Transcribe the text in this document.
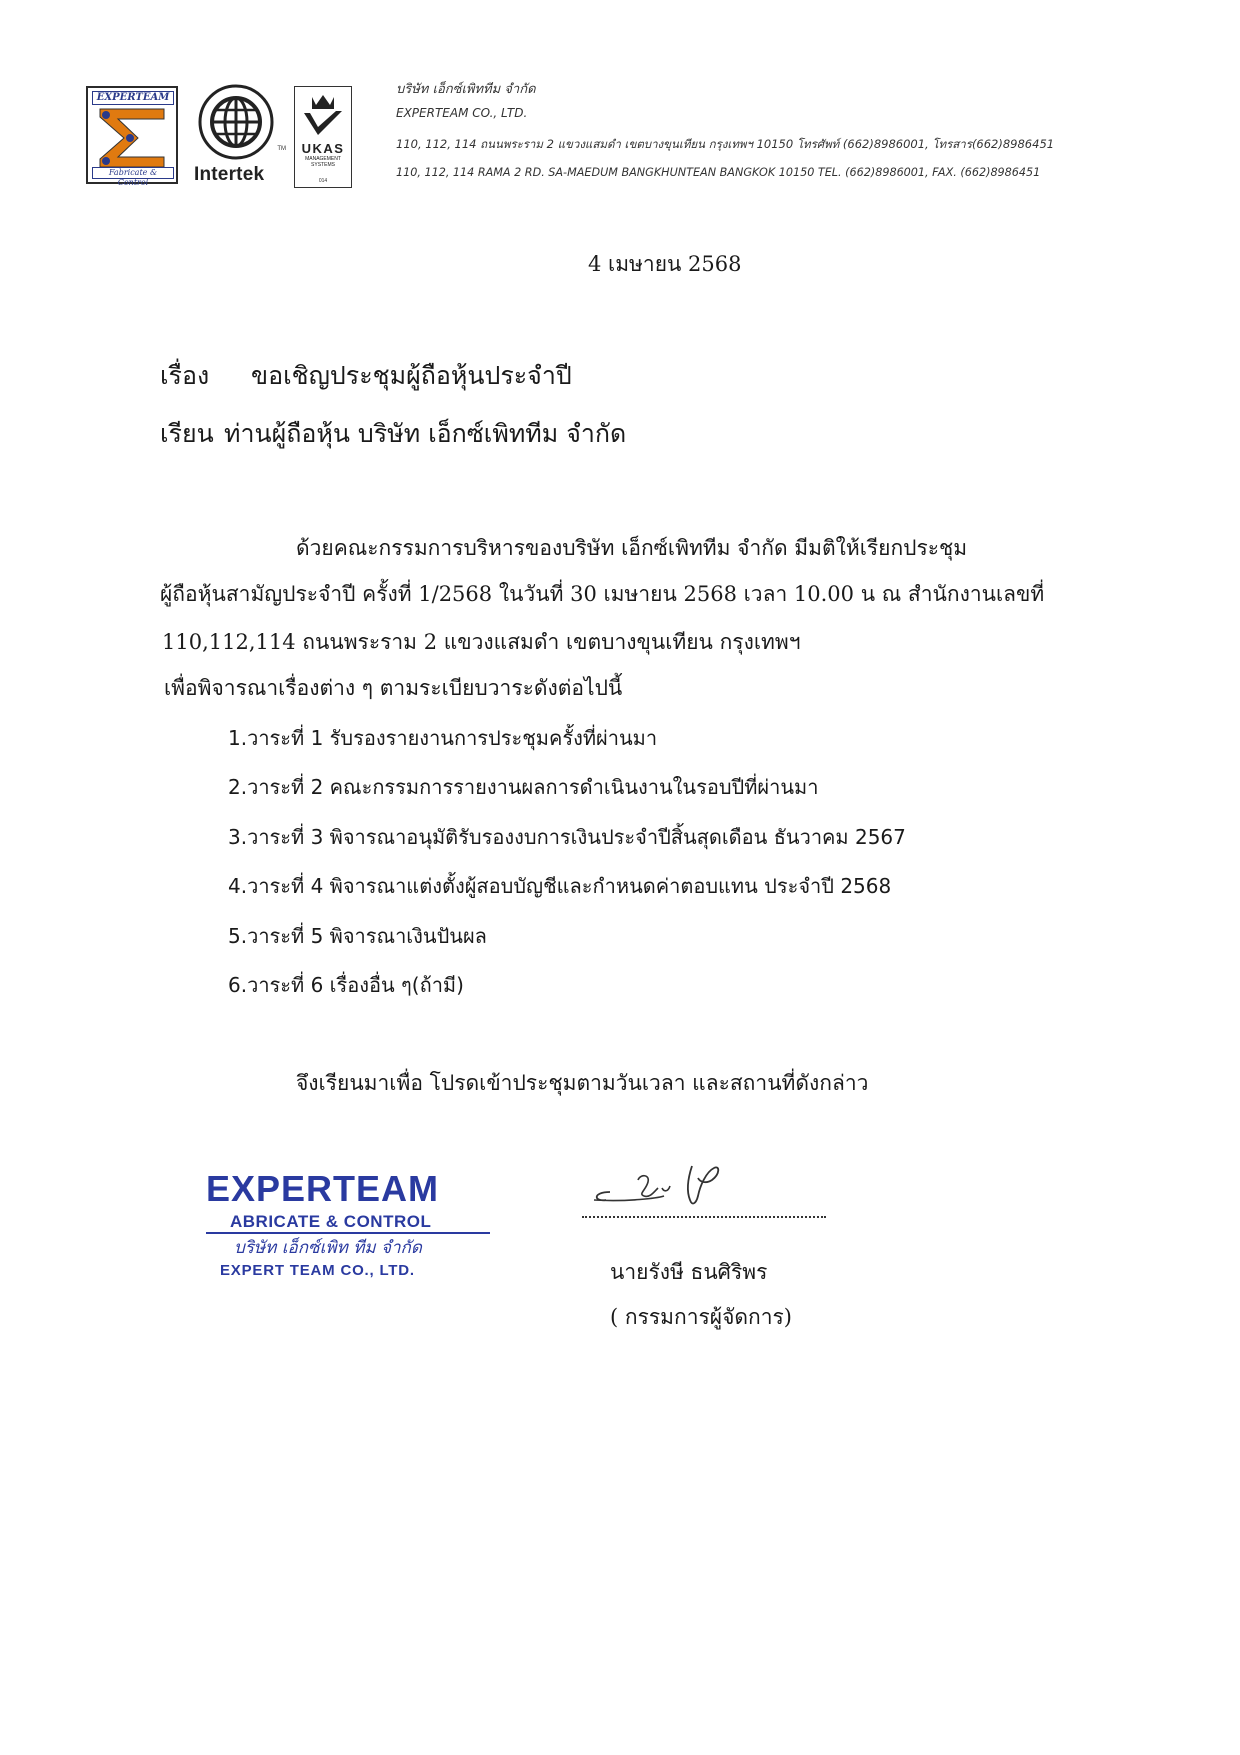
EXPERTEAM
Fabricate & Control
TM
Intertek
UKAS
MANAGEMENT SYSTEMS
014
บริษัท เอ็กซ์เพิททีม จำกัด
EXPERTEAM CO., LTD.
110, 112, 114 ถนนพระราม 2 แขวงแสมดำ เขตบางขุนเทียน กรุงเทพฯ 10150 โทรศัพท์ (662)8986001, โทรสาร(662)8986451
110, 112, 114 RAMA 2 RD. SA-MAEDUM BANGKHUNTEAN BANGKOK 10150 TEL. (662)8986001, FAX. (662)8986451
4 เมษายน 2568
เรื่อง ขอเชิญประชุมผู้ถือหุ้นประจำปี
เรียน ท่านผู้ถือหุ้น บริษัท เอ็กซ์เพิททีม จำกัด
ด้วยคณะกรรมการบริหารของบริษัท เอ็กซ์เพิททีม จำกัด มีมติให้เรียกประชุม
ผู้ถือหุ้นสามัญประจำปี ครั้งที่ 1/2568 ในวันที่ 30 เมษายน 2568 เวลา 10.00 น ณ สำนักงานเลขที่
110,112,114 ถนนพระราม 2 แขวงแสมดำ เขตบางขุนเทียน กรุงเทพฯ
เพื่อพิจารณาเรื่องต่าง ๆ ตามระเบียบวาระดังต่อไปนี้
1.วาระที่ 1 รับรองรายงานการประชุมครั้งที่ผ่านมา
2.วาระที่ 2 คณะกรรมการรายงานผลการดำเนินงานในรอบปีที่ผ่านมา
3.วาระที่ 3 พิจารณาอนุมัติรับรองงบการเงินประจำปีสิ้นสุดเดือน ธันวาคม 2567
4.วาระที่ 4 พิจารณาแต่งตั้งผู้สอบบัญชีและกำหนดค่าตอบแทน ประจำปี 2568
5.วาระที่ 5 พิจารณาเงินปันผล
6.วาระที่ 6 เรื่องอื่น ๆ(ถ้ามี)
จึงเรียนมาเพื่อ โปรดเข้าประชุมตามวันเวลา และสถานที่ดังกล่าว
EXPERTEAM
ABRICATE & CONTROL
บริษัท เอ็กซ์เพิท ทีม จำกัด
EXPERT TEAM CO., LTD.	นายรังษี ธนศิริพร
( กรรมการผู้จัดการ)
